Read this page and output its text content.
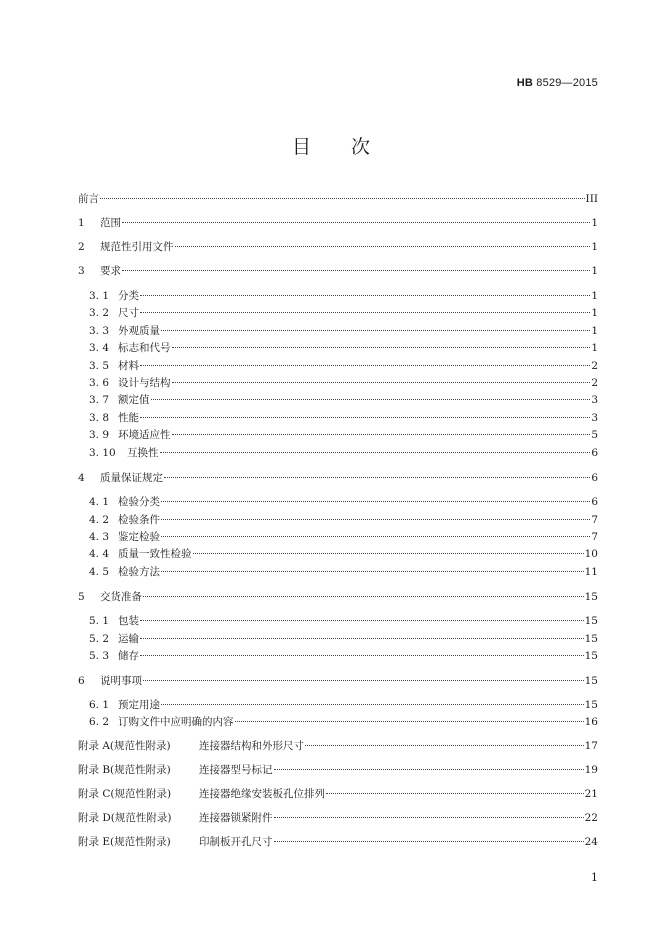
HB 8529—2015
目 次
前言	III
1	范围	1
2	规范性引用文件	1
3	要求	1
3. 1 分类	1
3. 2 尺寸	1
3. 3 外观质量	1
3. 4 标志和代号	1
3. 5 材料	2
3. 6 设计与结构	2
3. 7 额定值	3
3. 8 性能	3
3. 9 环境适应性	5
3. 10	互换性	6
4	质量保证规定	6
4. 1 检验分类	6
4. 2 检验条件	7
4. 3 鉴定检验	7
4. 4 质量一致性检验	10
4. 5 检验方法	11
5	交货准备	15
5. 1 包装	15
5. 2 运输	15
5. 3 储存	15
6	说明事项	15
6. 1 预定用途	15
6. 2 订购文件中应明确的内容	16
附录 A(规范性附录)	连接器结构和外形尺寸	17
附录 B(规范性附录)	连接器型号标记	19
附录 C(规范性附录)	连接器绝缘安装板孔位排列	21
附录 D(规范性附录)	连接器锁紧附件	22
附录 E(规范性附录)	印制板开孔尺寸	24
1
